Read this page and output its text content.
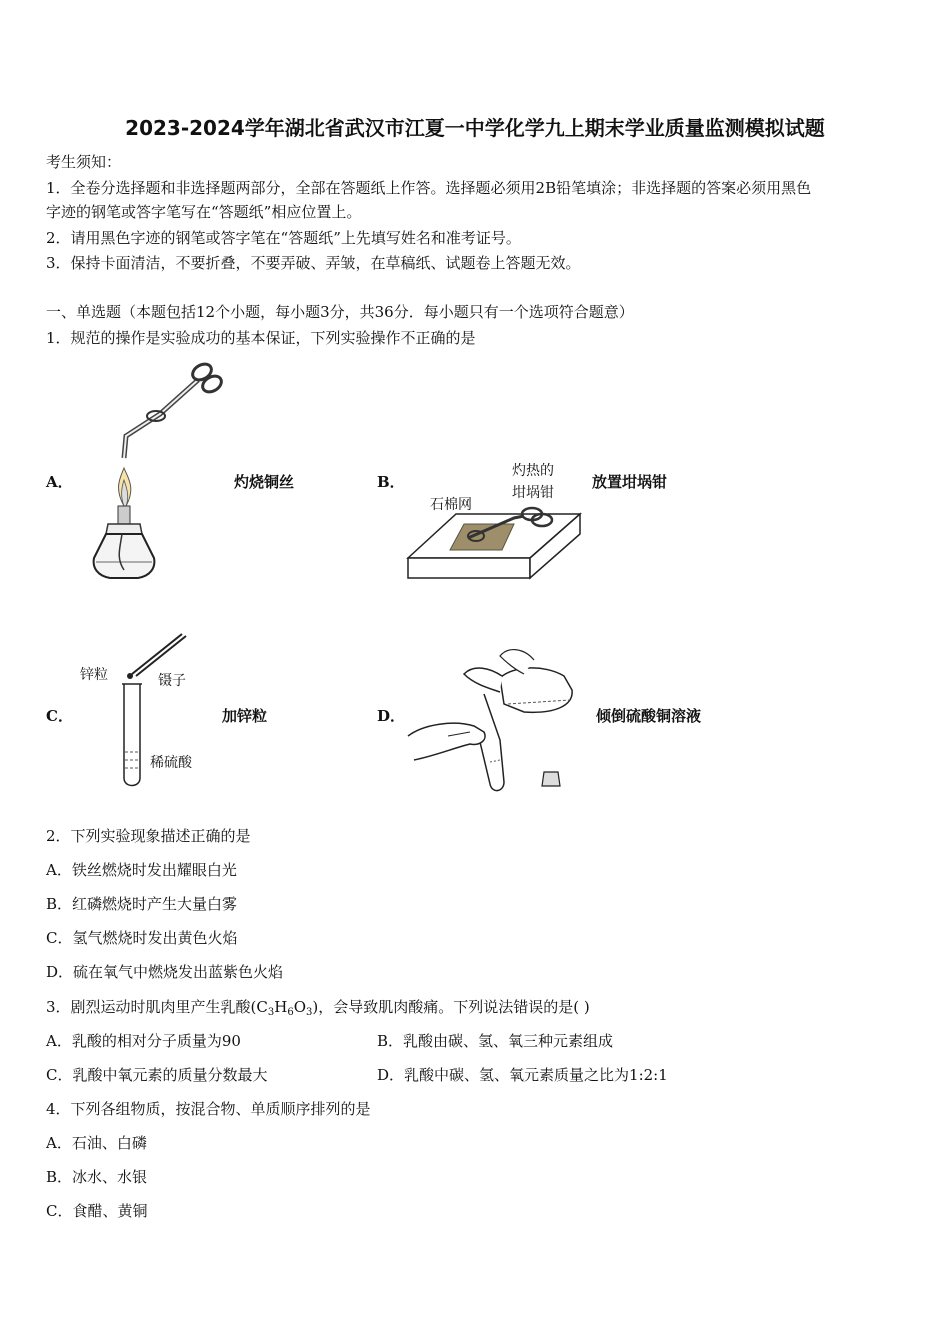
2023-2024学年湖北省武汉市江夏一中学化学九上期末学业质量监测模拟试题
考生须知：
1．全卷分选择题和非选择题两部分，全部在答题纸上作答。选择题必须用2B铅笔填涂；非选择题的答案必须用黑色
字迹的钢笔或答字笔写在“答题纸”相应位置上。
2．请用黑色字迹的钢笔或答字笔在“答题纸”上先填写姓名和准考证号。
3．保持卡面清洁，不要折叠，不要弄破、弄皱，在草稿纸、试题卷上答题无效。
一、单选题（本题包括12个小题，每小题3分，共36分．每小题只有一个选项符合题意）
1．规范的操作是实验成功的基本保证，下列实验操作不正确的是
A．	灼烧铜丝	B．	放置坩埚钳
石棉网
灼热的
坩埚钳
C．	加锌粒
锌粒	镊子
稀硫酸
D．	倾倒硫酸铜溶液
2．下列实验现象描述正确的是
A．铁丝燃烧时发出耀眼白光
B．红磷燃烧时产生大量白雾
C．氢气燃烧时发出黄色火焰
D．硫在氧气中燃烧发出蓝紫色火焰
3．剧烈运动时肌肉里产生乳酸$(C_3H_6O_3)$，会导致肌肉酸痛。下列说法错误的是( )
A．乳酸的相对分子质量为90	B．乳酸由碳、氢、氧三种元素组成
C．乳酸中氧元素的质量分数最大	D．乳酸中碳、氢、氧元素质量之比为1:2:1
4．下列各组物质，按混合物、单质顺序排列的是
A．石油、白磷
B．冰水、水银
C．食醋、黄铜
